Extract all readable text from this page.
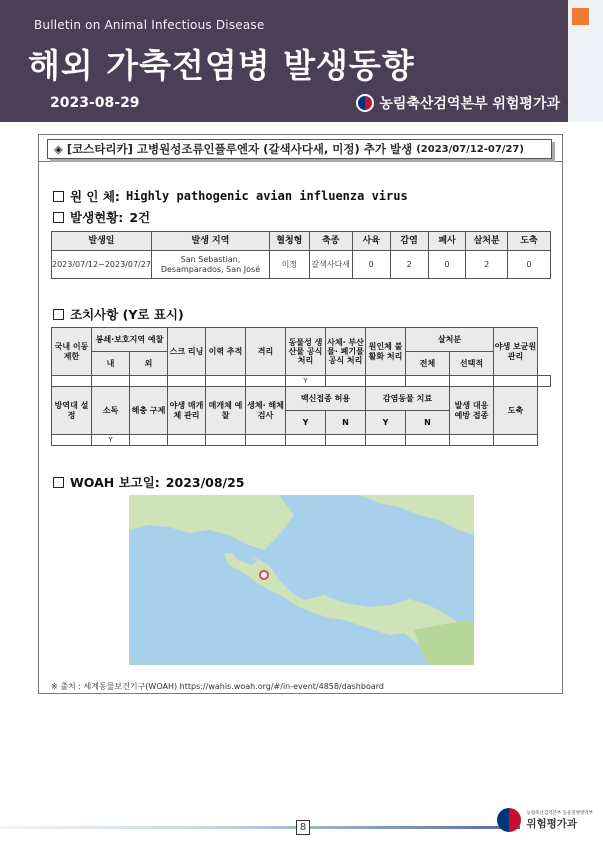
Bulletin on Animal Infectious Disease
해외 가축전염병 발생동향
2023-08-29	농림축산검역본부 위험평가과
◈ [코스타리카] 고병원성조류인플루엔자 (갈색사다새, 미정) 추가 발생 (2023/07/12-07/27)
원 인 체: Highly pathogenic avian influenza virus
발생현황: 2건
발생일	발생 지역	혈청형	축종	사육	감염	폐사	살처분	도축
2023/07/12~2023/07/27	San Sebastian, Desamparados, San José	미정	갈색사다새	0	2	0	2	0
조치사항 (Y로 표시)
국내 이동 제한	봉쇄·보호지역 예찰		스크 리닝	이력 추적	격리	동물성 생산물 공식 처리	사체· 부산물· 폐기물 공식 처리	원인체 불활화 처리	살처분		야생 보균원 관리	
	내	외							전체	선택적		
						Y						
방역대 설정	소독	해충 구제	야생 매개체 관리	매개체 예찰	생체· 해체 검사	백신접종 허용		감염동물 치료		발생 대응 예방 접종	도축	
						Y	N	Y	N			
	Y											
WOAH 보고일: 2023/08/25
※ 출처 : 세계동물보건기구(WOAH) https://wahis.woah.org/#/in-event/4858/dashboard
8
농림축산검역본부 동물질병방역부
위험평가과
